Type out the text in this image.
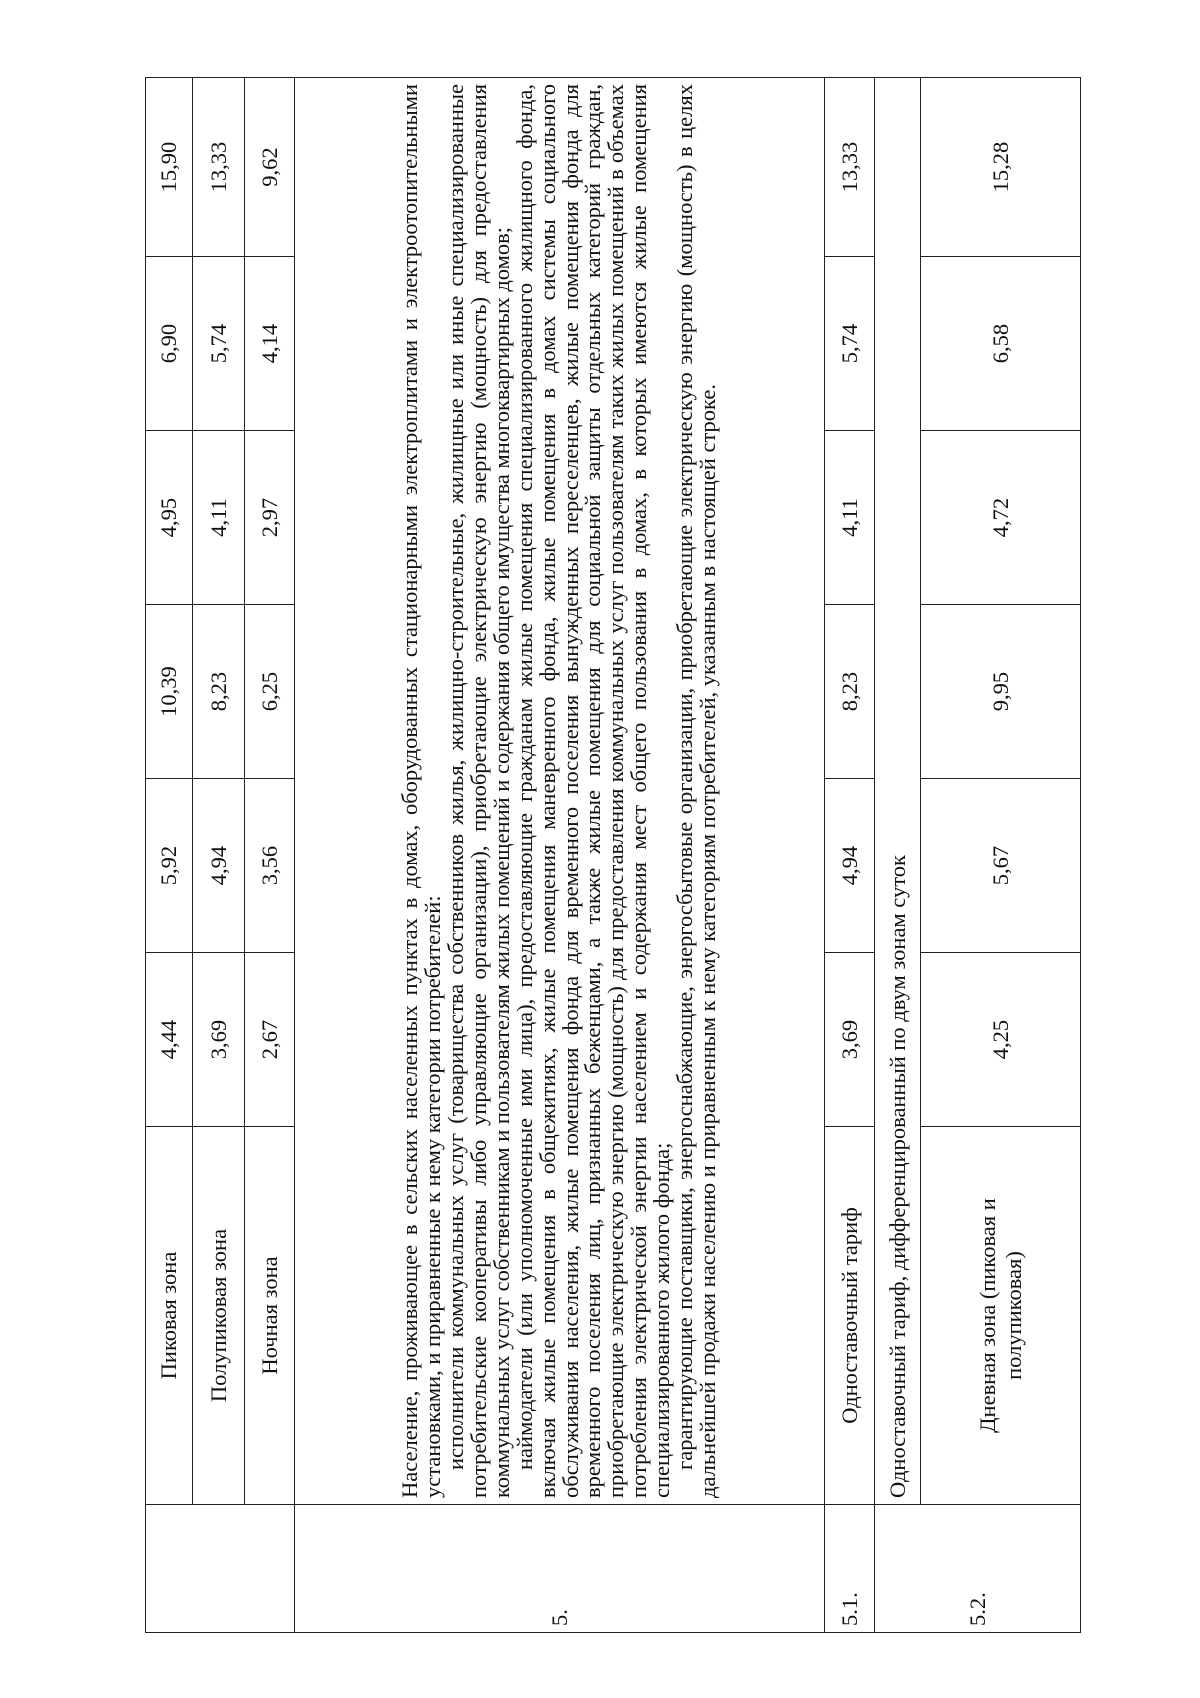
	Пиковая зона	4,44	5,92	10,39	4,95	6,90	15,90
	Полупиковая зона	3,69	4,94	8,23	4,11	5,74	13,33
	Ночная зона	2,67	3,56	6,25	2,97	4,14	9,62
5.	Население, проживающее в сельских населенных пунктах в домах, оборудованных стационарными электроплитами и электроотопительными установками, и приравненные к нему категории потребителей:

исполнители коммунальных услуг (товарищества собственников жилья, жилищно-строительные, жилищные или иные специализированные потребительские кооперативы либо управляющие организации), приобретающие электрическую энергию (мощность) для предоставления коммунальных услуг собственникам и пользователям жилых помещений и содержания общего имущества многоквартирных домов;

наймодатели (или уполномоченные ими лица), предоставляющие гражданам жилые помещения специализированного жилищного фонда, включая жилые помещения в общежитиях, жилые помещения маневренного фонда, жилые помещения в домах системы социального обслуживания населения, жилые помещения фонда для временного поселения вынужденных переселенцев, жилые помещения фонда для временного поселения лиц, признанных беженцами, а также жилые помещения для социальной защиты отдельных категорий граждан, приобретающие электрическую энергию (мощность) для предоставления коммунальных услуг пользователям таких жилых помещений в объемах потребления электрической энергии населением и содержания мест общего пользования в домах, в которых имеются жилые помещения специализированного жилого фонда;

гарантирующие поставщики, энергоснабжающие, энергосбытовые организации, приобретающие электрическую энергию (мощность) в целях дальнейшей продажи населению и приравненным к нему категориям потребителей, указанным в настоящей строке.						

5.1.	Одноставочный тариф	3,69	4,94	8,23	4,11	5,74	13,33
5.2.	Одноставочный тариф, дифференцированный по двум зонам суток						
	Дневная зона (пиковая и полупиковая)	4,25	5,67	9,95	4,72	6,58	15,28
